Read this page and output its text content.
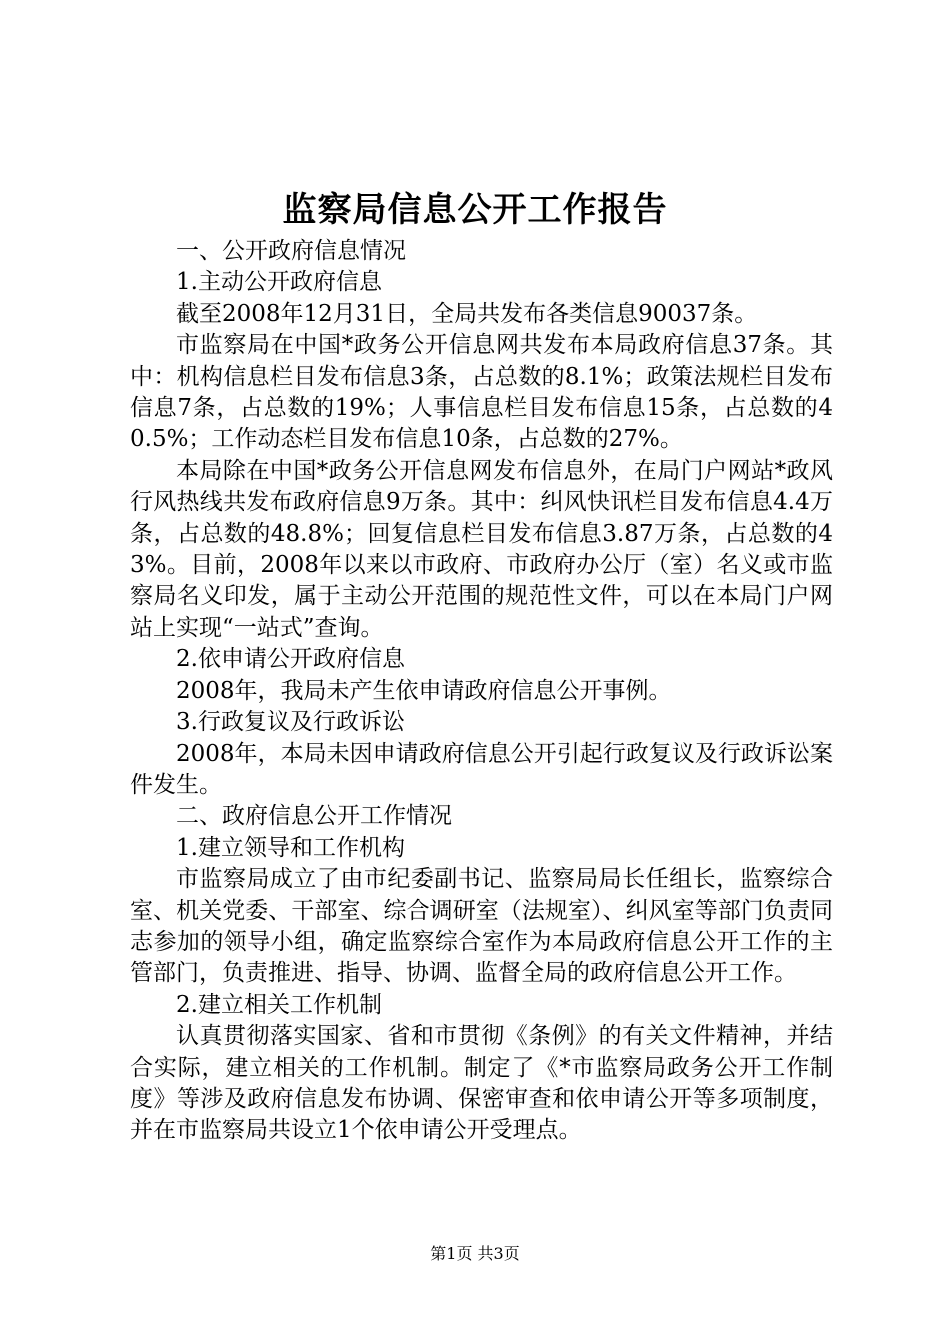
监察局信息公开工作报告

一、公开政府信息情况

1.主动公开政府信息

截至2008年12月31日，全局共发布各类信息90037条。

市监察局在中国*政务公开信息网共发布本局政府信息37条。其中：机构信息栏目发布信息3条，占总数的8.1%；政策法规栏目发布信息7条，占总数的19%；人事信息栏目发布信息15条，占总数的40.5%；工作动态栏目发布信息10条，占总数的27%。

本局除在中国*政务公开信息网发布信息外，在局门户网站*政风行风热线共发布政府信息9万条。其中：纠风快讯栏目发布信息4.4万条，占总数的48.8%；回复信息栏目发布信息3.87万条，占总数的43%。目前，2008年以来以市政府、市政府办公厅（室）名义或市监察局名义印发，属于主动公开范围的规范性文件，可以在本局门户网站上实现“一站式”查询。

2.依申请公开政府信息

2008年，我局未产生依申请政府信息公开事例。

3.行政复议及行政诉讼

2008年，本局未因申请政府信息公开引起行政复议及行政诉讼案件发生。

二、政府信息公开工作情况

1.建立领导和工作机构

市监察局成立了由市纪委副书记、监察局局长任组长，监察综合室、机关党委、干部室、综合调研室（法规室）、纠风室等部门负责同志参加的领导小组，确定监察综合室作为本局政府信息公开工作的主管部门，负责推进、指导、协调、监督全局的政府信息公开工作。

2.建立相关工作机制

认真贯彻落实国家、省和市贯彻《条例》的有关文件精神，并结合实际，建立相关的工作机制。制定了《*市监察局政务公开工作制度》等涉及政府信息发布协调、保密审查和依申请公开等多项制度，并在市监察局共设立1个依申请公开受理点。

第1页 共3页
